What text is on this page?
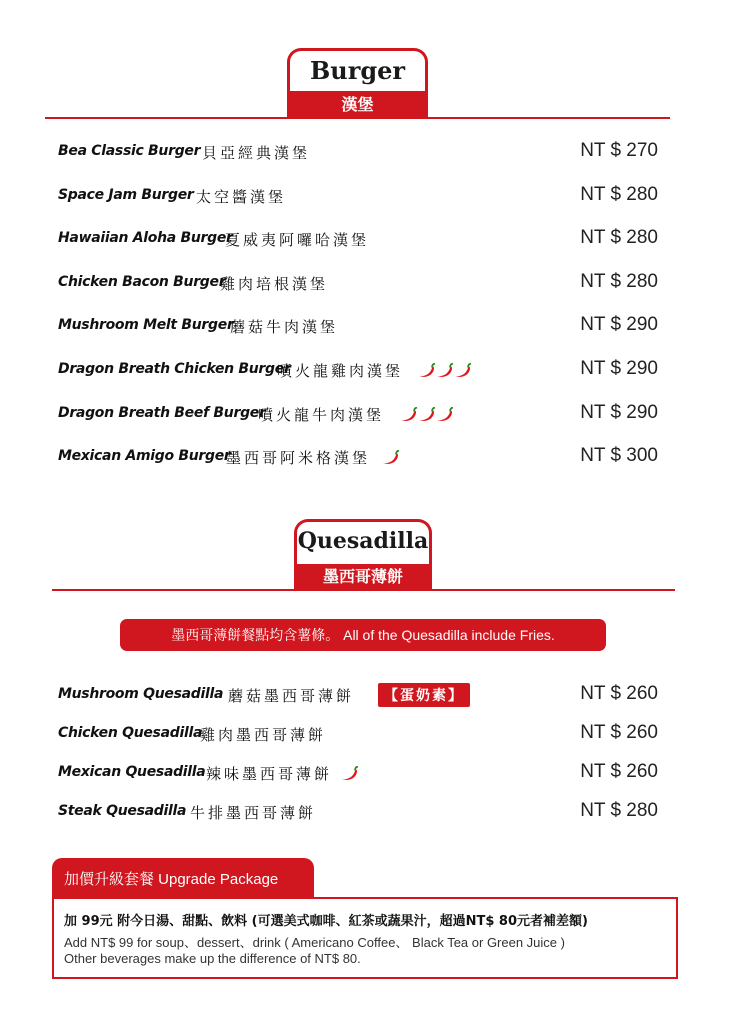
Burger
漢堡
Bea Classic Burger 貝亞經典漢堡	NT $ 270
Space Jam Burger 太空醬漢堡	NT $ 280
Hawaiian Aloha Burger
夏威夷阿囉哈漢堡	NT $ 280
Chicken Bacon Burger
雞肉培根漢堡	NT $ 280
Mushroom Melt Burger
蘑菇牛肉漢堡	NT $ 290
Dragon Breath Chicken Burger
噴火龍雞肉漢堡	NT $ 290
Dragon Breath Beef Burger
噴火龍牛肉漢堡	NT $ 290
Mexican Amigo Burger
墨西哥阿米格漢堡	NT $ 300
Quesadilla
墨西哥薄餅
墨西哥薄餅餐點均含薯條。 All of the Quesadilla include Fries.
Mushroom Quesadilla 蘑菇墨西哥薄餅	【蛋奶素】	NT $ 260
Chicken Quesadilla
雞肉墨西哥薄餅	NT $ 260
Mexican Quesadilla 辣味墨西哥薄餅	NT $ 260
Steak Quesadilla 牛排墨西哥薄餅	NT $ 280
加價升級套餐 Upgrade Package
加 99元 附今日湯、甜點、飲料 (可選美式咖啡、紅茶或蔬果汁，超過NT$ 80元者補差額)
Add NT$ 99 for soup、dessert、drink ( Americano Coffee、 Black Tea or Green Juice )
Other beverages make up the difference of NT$ 80.
